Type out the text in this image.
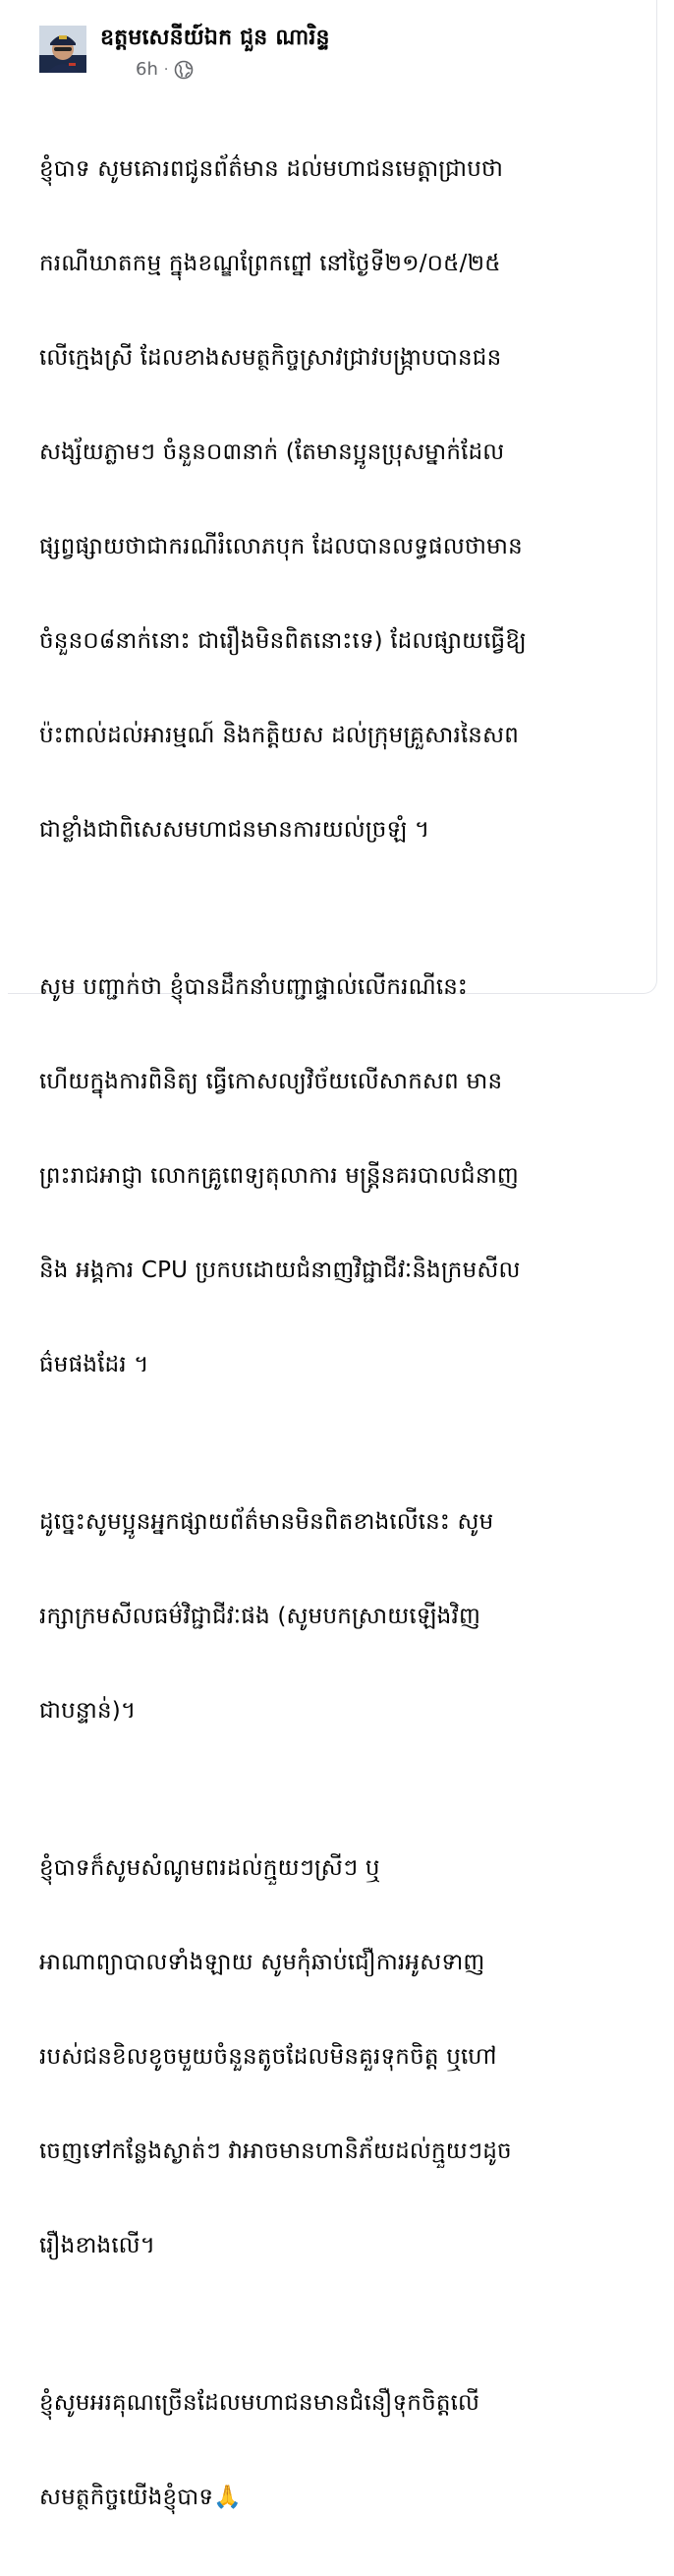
ឧត្តមសេនីយ៍ឯក ជួន ណារិន្ទ
6h ·

ខ្ញុំបាទ សូមគោរពជូនព័ត៌មាន ដល់មហាជនមេត្តាជ្រាបថា

ករណីឃាតកម្ម ក្នុងខណ្ឌព្រែកព្នៅ នៅថ្ងៃទី២១/០៥/២៥

លើក្មេងស្រី ដែលខាងសមត្ថកិច្ចស្រាវជ្រាវបង្ក្រាបបានជន

សង្ស័យភ្លាមៗ ចំនួន០៣នាក់ (តែមានប្អូនប្រុសម្នាក់ដែល

ផ្សព្វផ្សាយថាជាករណីរំលោភបុក ដែលបានលទ្ធផលថាមាន

ចំនួន០៨នាក់នោះ ជារឿងមិនពិតនោះទេ) ដែលផ្សាយធ្វើឱ្យ

ប៉ះពាល់ដល់អារម្មណ៍ និងកត្តិយស ដល់ក្រុមគ្រួសារនៃសព

ជាខ្លាំងជាពិសេសមហាជនមានការយល់ច្រឡំ ។

សូម បញ្ជាក់ថា ខ្ញុំបានដឹកនាំបញ្ជាផ្ទាល់លើករណីនេះ

ហើយក្នុងការពិនិត្យ ធ្វើកោសល្យវិច័យលើសាកសព មាន

ព្រះរាជអាជ្ញា លោកគ្រូពេទ្យតុលាការ មន្ត្រីនគរបាលជំនាញ

និង អង្គការ CPU ប្រកបដោយជំនាញវិជ្ជាជីវៈនិងក្រមសីល

ធ៌មផងដែរ ។

ដូច្នេះសូមប្អូនអ្នកផ្សាយព័ត៌មានមិនពិតខាងលើនេះ សូម

រក្សាក្រមសីលធម៌វិជ្ជាជីវៈផង (សូមបកស្រាយឡើងវិញ

ជាបន្ទាន់)។

ខ្ញុំបាទក៏សូមសំណូមពរដល់ក្មួយៗស្រីៗ ឬ

អាណាព្យាបាលទាំងឡាយ សូមកុំឆាប់ជឿការអូសទាញ

របស់ជនខិលខូចមួយចំនួនតូចដែលមិនគួរទុកចិត្ត ឬហៅ

ចេញទៅកន្លែងស្ងាត់ៗ វាអាចមានហានិភ័យដល់ក្មួយៗដូច

រឿងខាងលើ។

ខ្ញុំសូមអរគុណច្រើនដែលមហាជនមានជំនឿទុកចិត្តលើ

សមត្ថកិច្ចយើងខ្ញុំបាទ🙏
